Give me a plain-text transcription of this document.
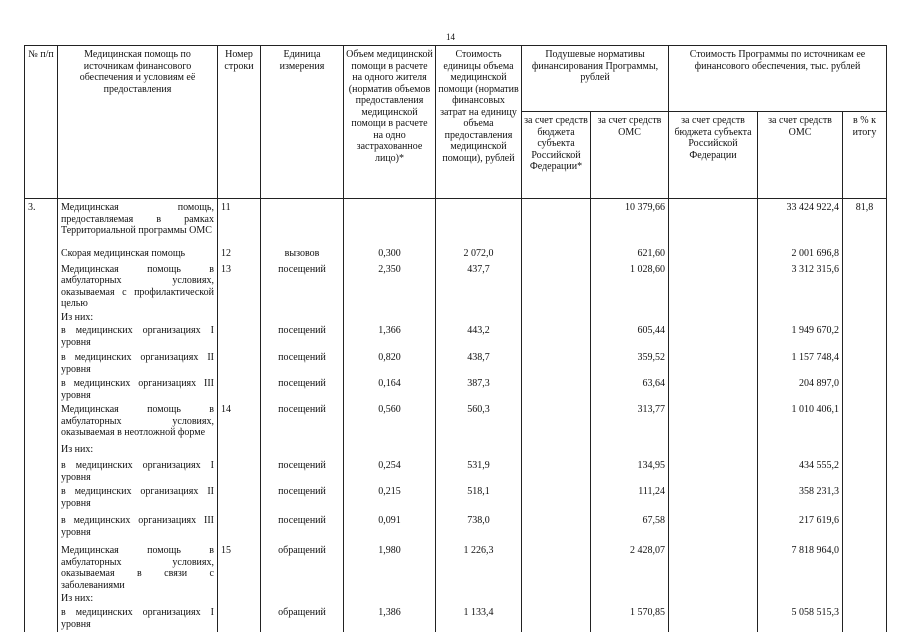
14
№ п/п	Медицинская помощь по источникам финансового обеспечения и условиям её предоставления	Номер строки	Единица измерения	Объем медицинской помощи в расчете на одного жителя (норматив объемов предоставления медицинской помощи в расчете на одно застрахованное лицо)*	Стоимость единицы объема медицинской помощи (норматив финансовых затрат на единицу объема предоставления медицинской помощи), рублей	Подушевые нормативы финансирования Программы, рублей		Стоимость Программы по источникам ее финансового обеспечения, тыс. рублей		
						за счет средств бюджета субъекта Российской Федерации*	за счет средств ОМС	за счет средств бюджета субъекта Российской Федерации	за счет средств ОМС	в % к итогу
3.	Медицинская помощь, предоставляемая в рамках Территориальной программы ОМС	11					10 379,66		33 424 922,4	81,8
	Скорая медицинская помощь	12	вызовов	0,300	2 072,0		621,60		2 001 696,8	
	Медицинская помощь в амбулаторных условиях, оказываемая с профилактической целью	13	посещений	2,350	437,7		1 028,60		3 312 315,6	
	Из них:									
	в медицинских организациях I уровня		посещений	1,366	443,2		605,44		1 949 670,2	
	в медицинских организациях II уровня		посещений	0,820	438,7		359,52		1 157 748,4	
	в медицинских организациях III уровня		посещений	0,164	387,3		63,64		204 897,0	
	Медицинская помощь в амбулаторных условиях, оказываемая в неотложной форме	14	посещений	0,560	560,3		313,77		1 010 406,1	
	Из них:									
	в медицинских организациях I уровня		посещений	0,254	531,9		134,95		434 555,2	
	в медицинских организациях II уровня		посещений	0,215	518,1		111,24		358 231,3	
	в медицинских организациях III уровня		посещений	0,091	738,0		67,58		217 619,6	
	Медицинская помощь в амбулаторных условиях, оказываемая в связи с заболеваниями	15	обращений	1,980	1 226,3		2 428,07		7 818 964,0	
	Из них:									
	в медицинских организациях I уровня		обращений	1,386	1 133,4		1 570,85		5 058 515,3	
